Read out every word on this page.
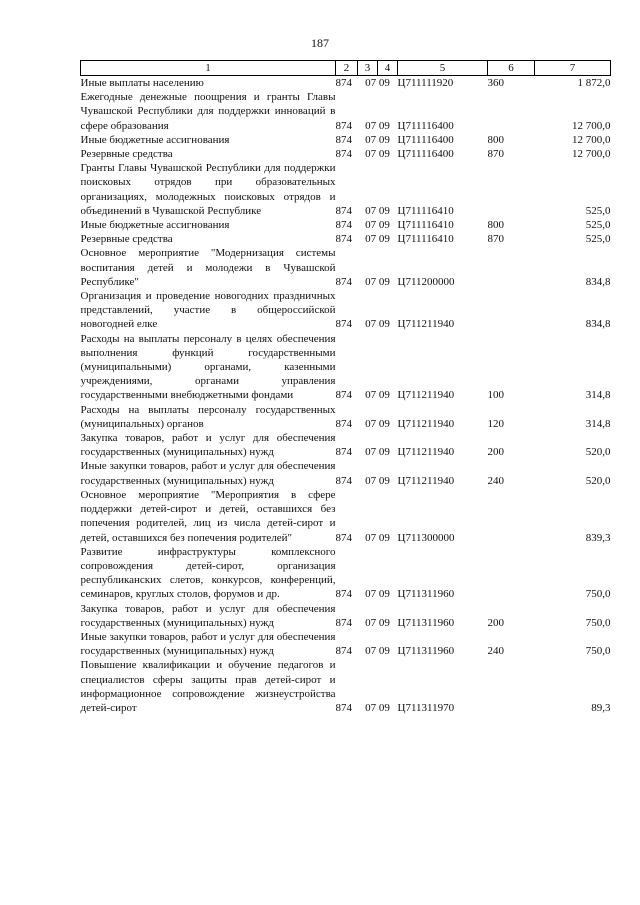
187
1	2	3	4	5	6	7
Иные выплаты населению	874	07 09		Ц711111920	360	1 872,0
Ежегодные денежные поощрения и гранты Главы Чувашской Республики для поддержки инноваций в сфере образования	874	07 09		Ц711116400		12 700,0
Иные бюджетные ассигнования	874	07 09		Ц711116400	800	12 700,0
Резервные средства	874	07 09		Ц711116400	870	12 700,0
Гранты Главы Чувашской Республики для поддержки поисковых отрядов при образовательных организациях, молодежных поисковых отрядов и объединений в Чувашской Республике	874	07 09		Ц711116410		525,0
Иные бюджетные ассигнования	874	07 09		Ц711116410	800	525,0
Резервные средства	874	07 09		Ц711116410	870	525,0
Основное мероприятие "Модернизация системы воспитания детей и молодежи в Чувашской Республике"	874	07 09		Ц711200000		834,8
Организация и проведение новогодних праздничных представлений, участие в общероссийской новогодней елке	874	07 09		Ц711211940		834,8
Расходы на выплаты персоналу в целях обеспечения выполнения функций государственными (муниципальными) органами, казенными учреждениями, органами управления государственными внебюджетными фондами	874	07 09		Ц711211940	100	314,8
Расходы на выплаты персоналу государственных (муниципальных) органов	874	07 09		Ц711211940	120	314,8
Закупка товаров, работ и услуг для обеспечения государственных (муниципальных) нужд	874	07 09		Ц711211940	200	520,0
Иные закупки товаров, работ и услуг для обеспечения государственных (муниципальных) нужд	874	07 09		Ц711211940	240	520,0
Основное мероприятие "Мероприятия в сфере поддержки детей-сирот и детей, оставшихся без попечения родителей, лиц из числа детей-сирот и детей, оставшихся без попечения родителей"	874	07 09		Ц711300000		839,3
Развитие инфраструктуры комплексного сопровождения детей-сирот, организация республиканских слетов, конкурсов, конференций, семинаров, круглых столов, форумов и др.	874	07 09		Ц711311960		750,0
Закупка товаров, работ и услуг для обеспечения государственных (муниципальных) нужд	874	07 09		Ц711311960	200	750,0
Иные закупки товаров, работ и услуг для обеспечения государственных (муниципальных) нужд	874	07 09		Ц711311960	240	750,0
Повышение квалификации и обучение педагогов и специалистов сферы защиты прав детей-сирот и информационное сопровождение жизнеустройства детей-сирот	874	07 09		Ц711311970		89,3
